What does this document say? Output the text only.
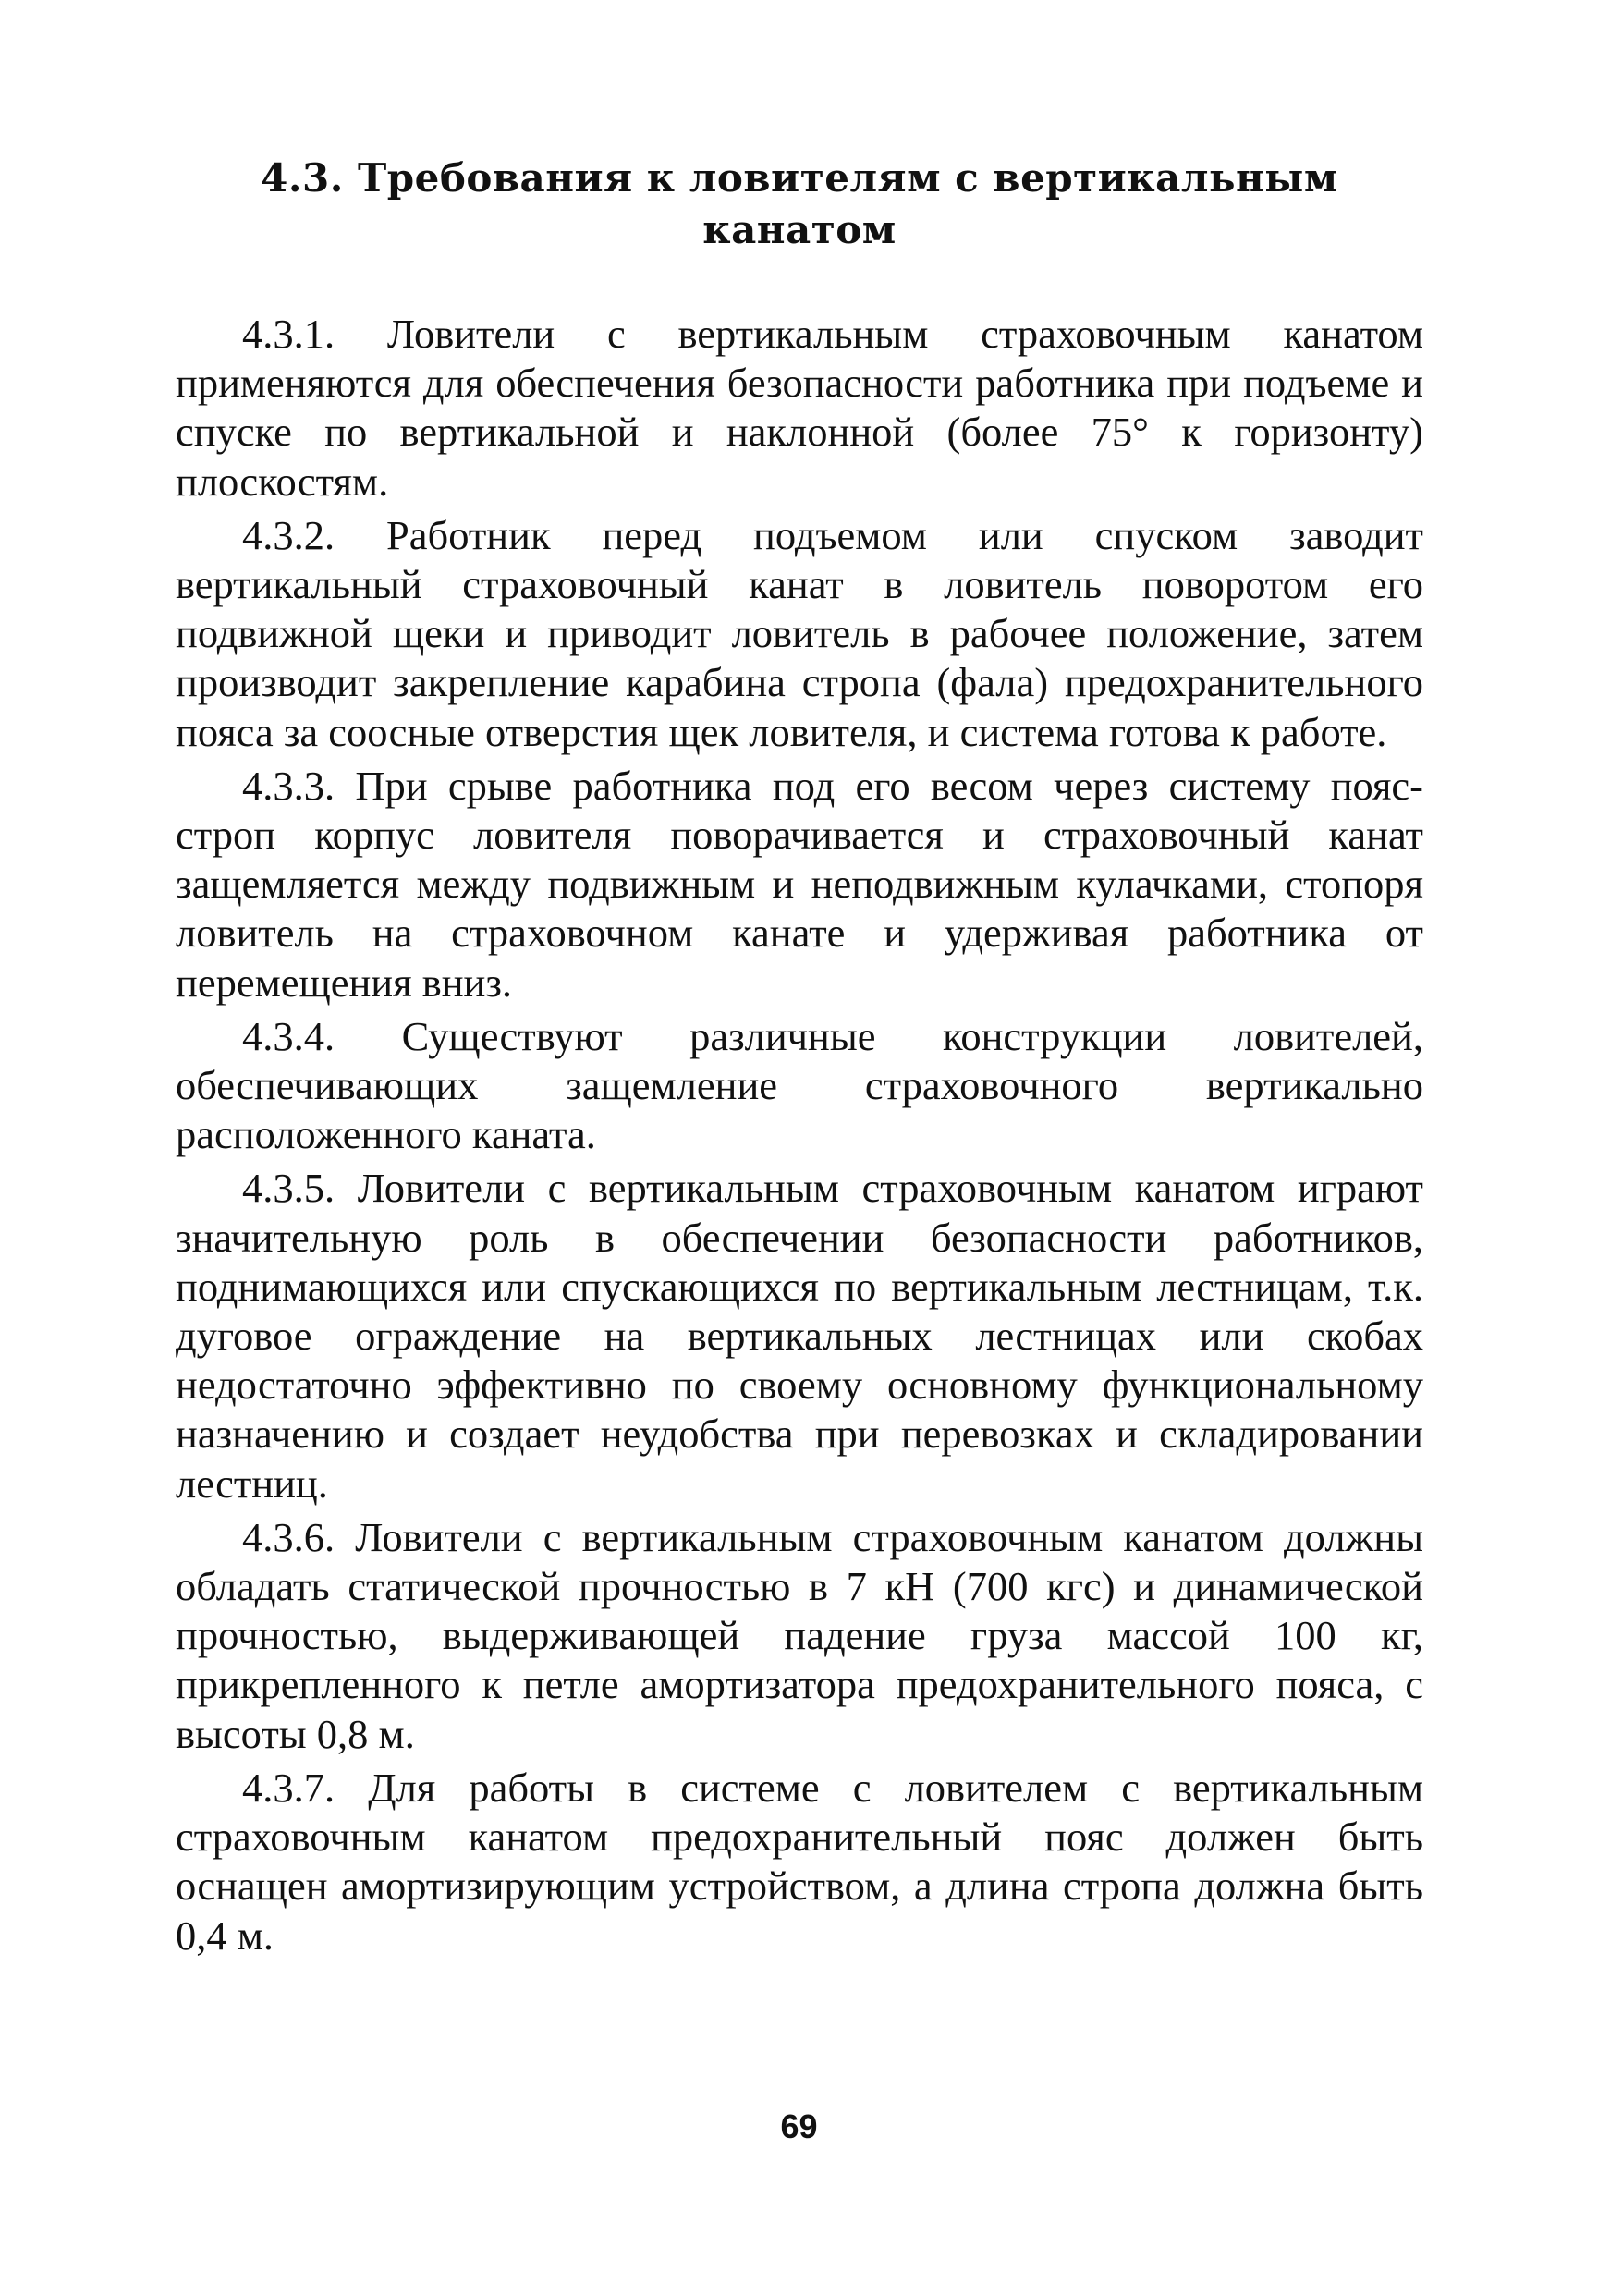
4.3. Требования к ловителям с вертикальным
канатом

4.3.1. Ловители с вертикальным страховочным канатом применяются для обеспечения безопасности работника при подъеме и спуске по вертикальной и наклонной (более 75° к горизонту) плоскостям.

4.3.2. Работник перед подъемом или спуском заводит вертикальный страховочный канат в ловитель поворотом его подвижной щеки и приводит ловитель в рабочее положение, затем производит закрепление карабина стропа (фала) предохранительного пояса за соосные отверстия щек ловителя, и система готова к работе.

4.3.3. При срыве работника под его весом через систему пояс-строп корпус ловителя поворачивается и страховочный канат защемляется между подвижным и неподвижным кулачками, стопоря ловитель на страховочном канате и удерживая работника от перемещения вниз.

4.3.4. Существуют различные конструкции ловителей, обеспечивающих защемление страховочного вертикально расположенного каната.

4.3.5. Ловители с вертикальным страховочным канатом играют значительную роль в обеспечении безопасности работников, поднимающихся или спускающихся по вертикальным лестницам, т.к. дуговое ограждение на вертикальных лестницах или скобах недостаточно эффективно по своему основному функциональному назначению и создает неудобства при перевозках и складировании лестниц.

4.3.6. Ловители с вертикальным страховочным канатом должны обладать статической прочностью в 7 кН (700 кгс) и динамической прочностью, выдерживающей падение груза массой 100 кг, прикрепленного к петле амортизатора предохранительного пояса, с высоты 0,8 м.

4.3.7. Для работы в системе с ловителем с вертикальным страховочным канатом предохранительный пояс должен быть оснащен амортизирующим устройством, а длина стропа должна быть 0,4 м.

69
